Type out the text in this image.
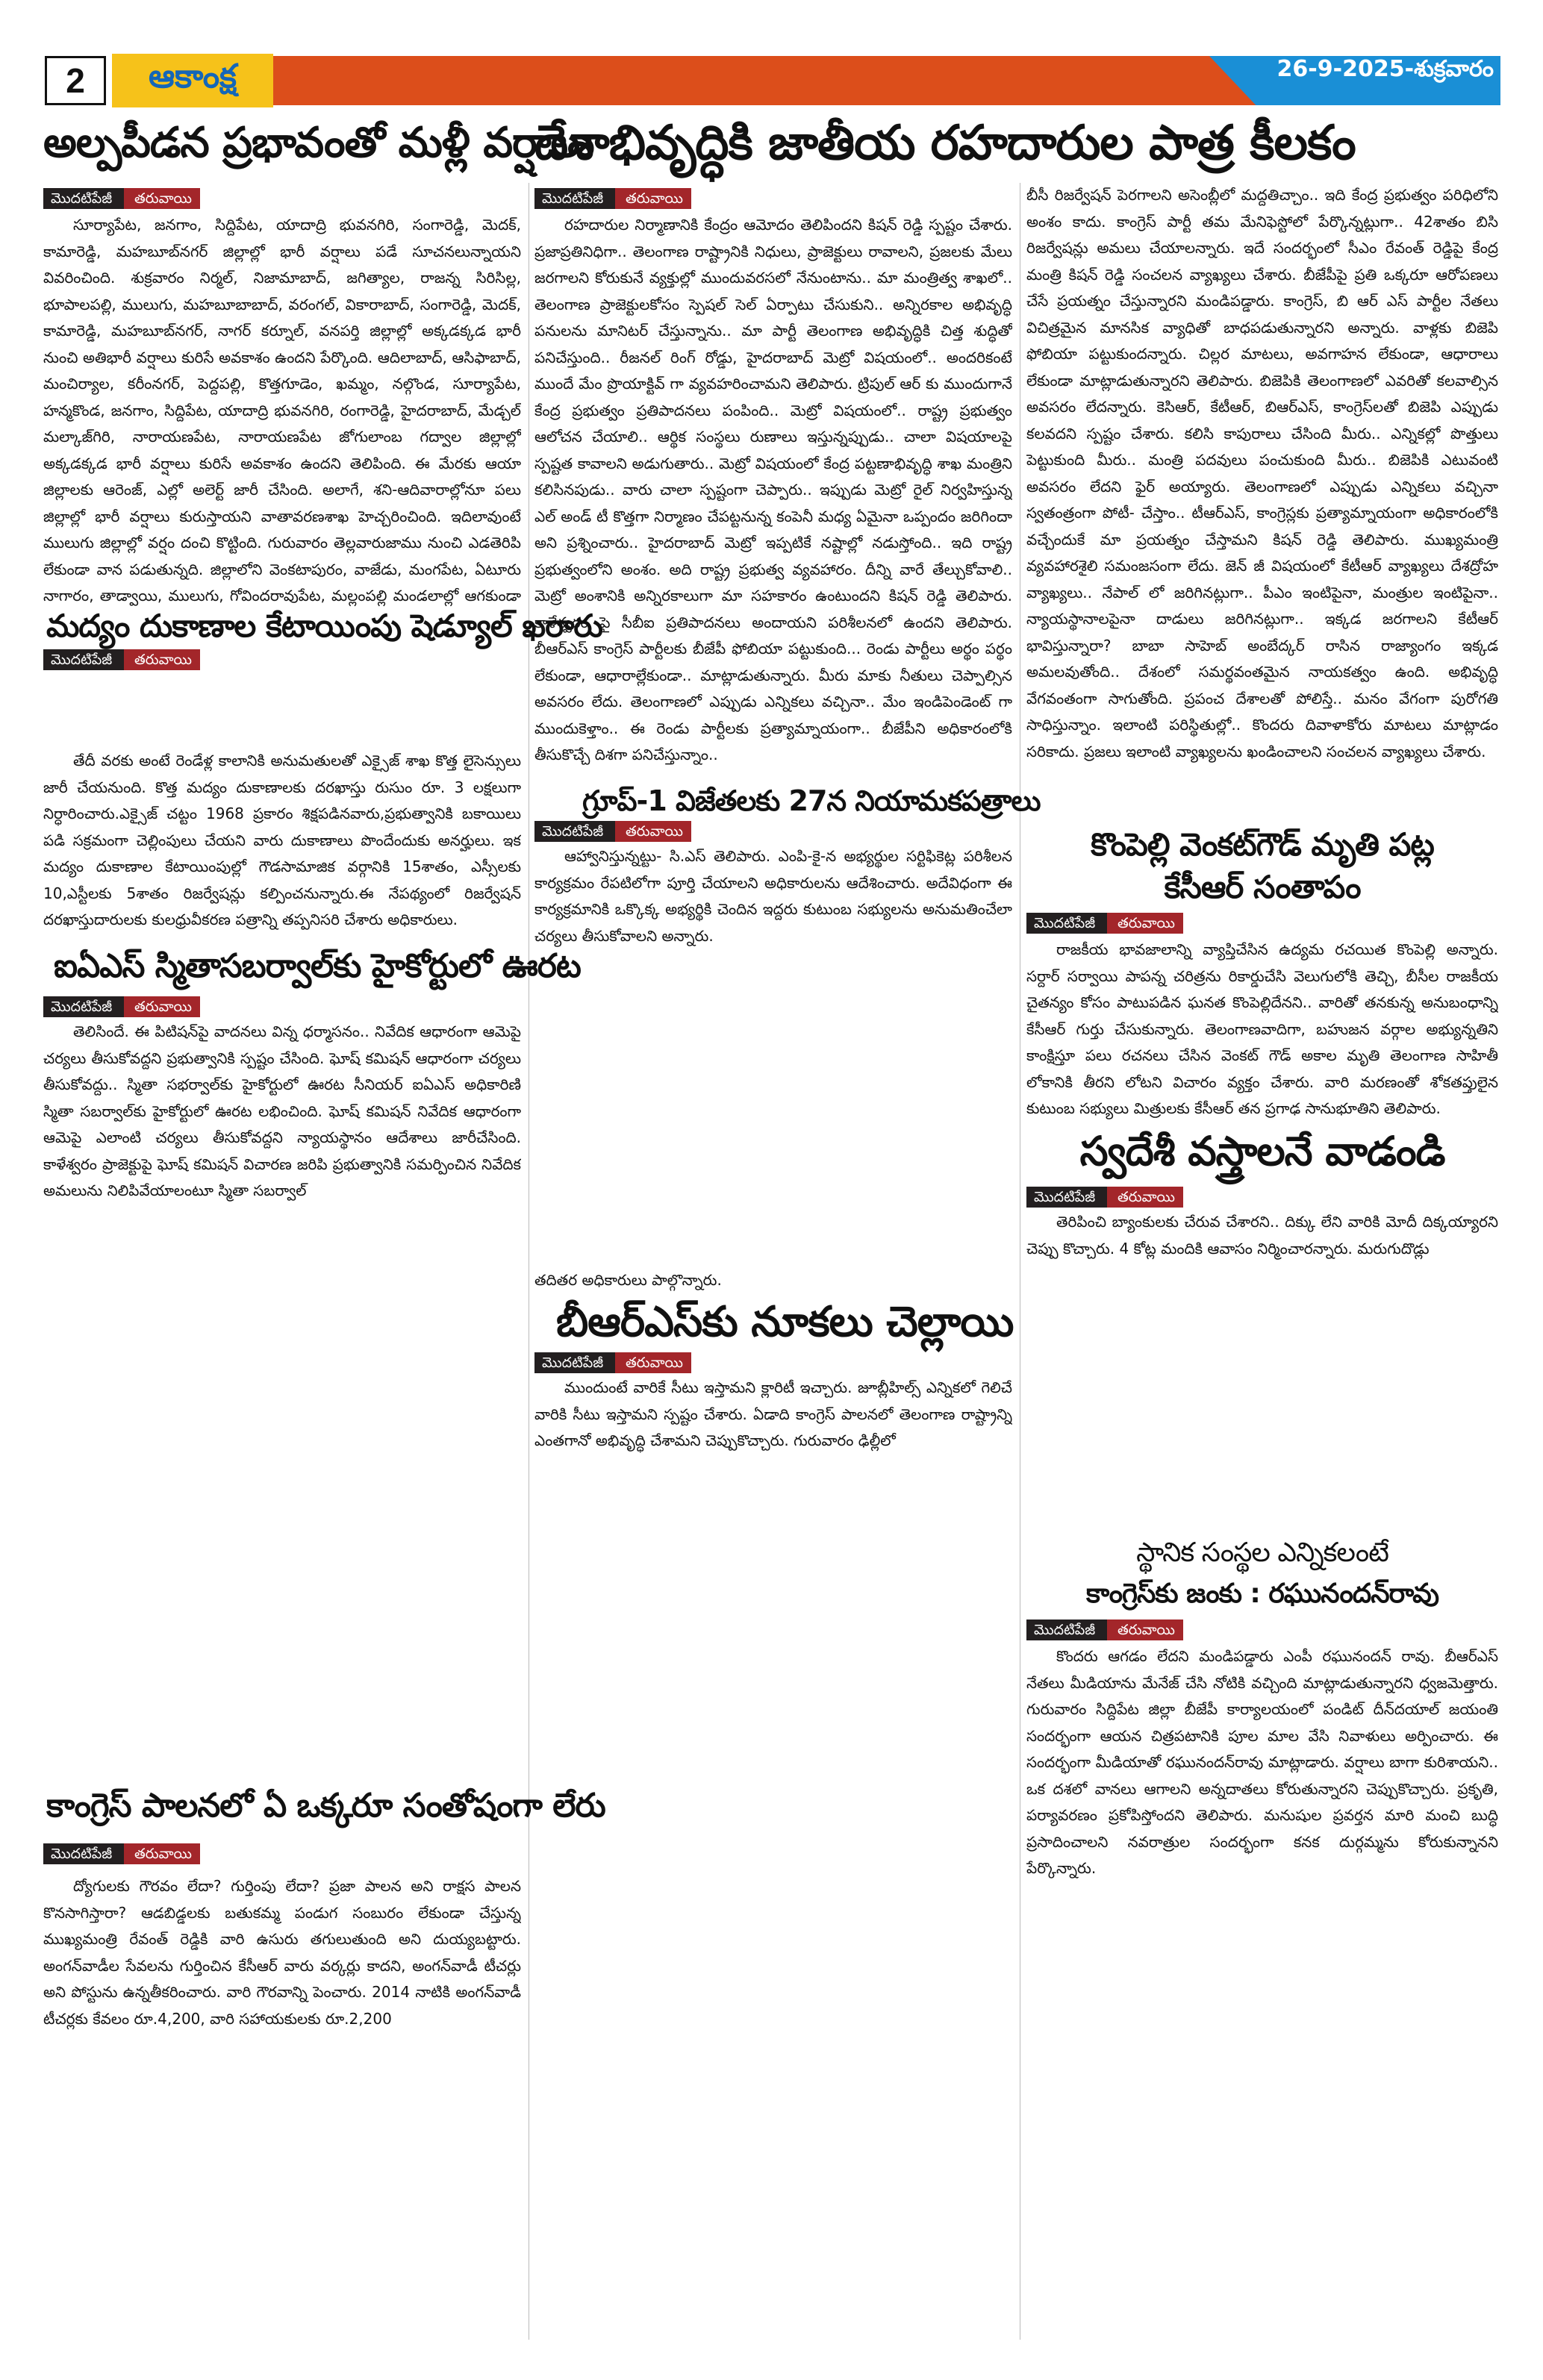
2	ఆకాంక్ష	26-9-2025-శుక్రవారం
అల్పపీడన ప్రభావంతో మళ్లీ వర్షాలు
మొదటిపేజీ	తరువాయి
సూర్యాపేట, జనగాం, సిద్దిపేట, యాదాద్రి భువనగిరి, సంగారెడ్డి, మెదక్, కామారెడ్డి, మహబూబ్‌నగర్ జిల్లాల్లో భారీ వర్షాలు పడే సూచనలున్నాయని వివరించింది. శుక్రవారం నిర్మల్, నిజామాబాద్, జగిత్యాల, రాజన్న సిరిసిల్ల, భూపాలపల్లి, ములుగు, మహబూబాబాద్, వరంగల్, వికారాబాద్, సంగారెడ్డి, మెదక్, కామారెడ్డి, మహబూబ్‌నగర్, నాగర్ కర్నూల్, వనపర్తి జిల్లాల్లో అక్కడక్కడ భారీ నుంచి అతిభారీ వర్షాలు కురిసే అవకాశం ఉందని పేర్కొంది. ఆదిలాబాద్, ఆసిఫాబాద్, మంచిర్యాల, కరీంనగర్, పెద్దపల్లి, కొత్తగూడెం, ఖమ్మం, నల్గొండ, సూర్యాపేట, హన్మకొండ, జనగాం, సిద్దిపేట, యాదాద్రి భువనగిరి, రంగారెడ్డి, హైదరాబాద్, మేడ్చల్ మల్కాజ్‌గిరి, నారాయణపేట, నారాయణపేట జోగులాంబ గద్వాల జిల్లాల్లో అక్కడక్కడ భారీ వర్షాలు కురిసే అవకాశం ఉందని తెలిపింది. ఈ మేరకు ఆయా జిల్లాలకు ఆరెంజ్, ఎల్లో అలెర్ట్ జారీ చేసింది. అలాగే, శని-ఆదివారాల్లోనూ పలు జిల్లాల్లో భారీ వర్షాలు కురుస్తాయని వాతావరణశాఖ హెచ్చరించింది. ఇదిలావుంటే ములుగు జిల్లాల్లో వర్షం దంచి కొట్టింది. గురువారం తెల్లవారుజాము నుంచి ఎడతెరిపి లేకుండా వాన పడుతున్నది. జిల్లాలోని వెంకటాపురం, వాజేడు, మంగపేట, ఏటూరు నాగారం, తాడ్వాయి, ములుగు, గోవిందరావుపేట, మల్లంపల్లి మండలాల్లో ఆగకుండా
మద్యం దుకాణాల కేటాయింపు షెడ్యూల్ ఖరారు
మొదటిపేజీ	తరువాయి
తేదీ వరకు అంటే రెండేళ్ల కాలానికి అనుమతులతో ఎక్సైజ్ శాఖ కొత్త లైసెన్సులు జారీ చేయనుంది. కొత్త మద్యం దుకాణాలకు దరఖాస్తు రుసుం రూ. 3 లక్షలుగా నిర్ధారించారు.ఎక్సైజ్ చట్టం 1968 ప్రకారం శిక్షపడినవారు,ప్రభుత్వానికి బకాయిలు పడి సక్రమంగా చెల్లింపులు చేయని వారు దుకాణాలు పొందేందుకు అనర్హులు. ఇక మద్యం దుకాణాల కేటాయింపుల్లో గౌడసామాజిక వర్గానికి 15శాతం, ఎస్సీలకు 10,ఎస్టీలకు 5శాతం రిజర్వేషన్లు కల్పించనున్నారు.ఈ నేపథ్యంలో రిజర్వేషన్ దరఖాస్తుదారులకు కులధ్రువీకరణ పత్రాన్ని తప్పనిసరి చేశారు అధికారులు.
ఐఏఎస్ స్మితాసబర్వాల్‌కు హైకోర్టులో ఊరట
మొదటిపేజీ	తరువాయి
తెలిసిందే. ఈ పిటిషన్‌పై వాదనలు విన్న ధర్మాసనం.. నివేదిక ఆధారంగా ఆమెపై చర్యలు తీసుకోవద్దని ప్రభుత్వానికి స్పష్టం చేసింది. ఘోష్ కమిషన్ ఆధారంగా చర్యలు తీసుకోవద్దు.. స్మితా సభర్వాల్‌కు హైకోర్టులో ఊరట సీనియర్ ఐఏఎస్ అధికారిణి స్మితా సబర్వాల్‌కు హైకోర్టులో ఊరట లభించింది. ఘోష్ కమిషన్ నివేదిక ఆధారంగా ఆమెపై ఎలాంటి చర్యలు తీసుకోవద్దని న్యాయస్థానం ఆదేశాలు జారీచేసింది. కాళేశ్వరం ప్రాజెక్టుపై ఘోష్ కమిషన్ విచారణ జరిపి ప్రభుత్వానికి సమర్పించిన నివేదిక అమలును నిలిపివేయాలంటూ స్మితా సబర్వాల్
కాంగ్రెస్ పాలనలో ఏ ఒక్కరూ సంతోషంగా లేరు
మొదటిపేజీ	తరువాయి
ద్యోగులకు గౌరవం లేదా? గుర్తింపు లేదా? ప్రజా పాలన అని రాక్షస పాలన కొనసాగిస్తారా? ఆడబిడ్డలకు బతుకమ్మ పండుగ సంబురం లేకుండా చేస్తున్న ముఖ్యమంత్రి రేవంత్ రెడ్డికి వారి ఉసురు తగులుతుంది అని దుయ్యబట్టారు. అంగన్‌వాడీల సేవలను గుర్తించిన కేసీఆర్ వారు వర్కర్లు కాదని, అంగన్‌వాడీ టీచర్లు అని పోస్టును ఉన్నతీకరించారు. వారి గౌరవాన్ని పెంచారు. 2014 నాటికి అంగన్‌వాడీ టీచర్లకు కేవలం రూ.4,200, వారి సహాయకులకు రూ.2,200
దేశాభివృద్ధికి జాతీయ రహదారుల పాత్ర కీలకం
మొదటిపేజీ	తరువాయి
రహదారుల నిర్మాణానికి కేంద్రం ఆమోదం తెలిపిందని కిషన్ రెడ్డి స్పష్టం చేశారు. ప్రజాప్రతినిధిగా.. తెలంగాణ రాష్ట్రానికి నిధులు, ప్రాజెక్టులు రావాలని, ప్రజలకు మేలు జరగాలని కోరుకునే వ్యక్తుల్లో ముందువరసలో నేనుంటాను.. మా మంత్రిత్వ శాఖలో.. తెలంగాణ ప్రాజెక్టులకోసం స్పెషల్ సెల్ ఏర్పాటు చేసుకుని.. అన్నిరకాల అభివృద్ధి పనులను మానిటర్ చేస్తున్నాను.. మా పార్టీ తెలంగాణ అభివృద్ధికి చిత్త శుద్ధితో పనిచేస్తుంది.. రీజనల్ రింగ్ రోడ్డు, హైదరాబాద్ మెట్రో విషయంలో.. అందరికంటే ముందే మేం ప్రొయాక్టివ్ గా వ్యవహరించామని తెలిపారు. ట్రిపుల్ ఆర్ కు ముందుగానే కేంద్ర ప్రభుత్వం ప్రతిపాదనలు పంపింది.. మెట్రో విషయంలో.. రాష్ట్ర ప్రభుత్వం ఆలోచన చేయాలి.. ఆర్థిక సంస్థలు రుణాలు ఇస్తున్నప్పుడు.. చాలా విషయాలపై స్పష్టత కావాలని అడుగుతారు.. మెట్రో విషయంలో కేంద్ర పట్టణాభివృద్ధి శాఖ మంత్రిని కలిసినపుడు.. వారు చాలా స్పష్టంగా చెప్పారు.. ఇప్పుడు మెట్రో రైల్ నిర్వహిస్తున్న ఎల్ అండ్ టీ కొత్తగా నిర్మాణం చేపట్టనున్న కంపెనీ మధ్య ఏమైనా ఒప్పందం జరిగిందా అని ప్రశ్నించారు.. హైదరాబాద్ మెట్రో ఇప్పటికే నష్టాల్లో నడుస్తోంది.. ఇది రాష్ట్ర ప్రభుత్వంలోని అంశం. అది రాష్ట్ర ప్రభుత్వ వ్యవహారం. దీన్ని వారే తేల్చుకోవాలి.. మెట్రో అంశానికి అన్నిరకాలుగా మా సహకారం ఉంటుందని కిషన్ రెడ్డి తెలిపారు. కాళేశ్వరం పై సీబీఐ ప్రతిపాదనలు అందాయని పరిశీలనలో ఉందని తెలిపారు. బీఆర్ఎస్ కాంగ్రెస్ పార్టీలకు బీజేపీ ఫోబియా పట్టుకుంది... రెండు పార్టీలు అర్థం పర్థం లేకుండా, ఆధారాల్లేకుండా.. మాట్లాడుతున్నారు. మీరు మాకు నీతులు చెప్పాల్సిన అవసరం లేదు. తెలంగాణలో ఎప్పుడు ఎన్నికలు వచ్చినా.. మేం ఇండిపెండెంట్ గా ముందుకెళ్తాం.. ఈ రెండు పార్టీలకు ప్రత్యామ్నాయంగా.. బీజేపీని అధికారంలోకి తీసుకొచ్చే దిశగా పనిచేస్తున్నాం..
గ్రూప్-1 విజేతలకు 27న నియామకపత్రాలు
మొదటిపేజీ	తరువాయి
ఆహ్వానిస్తున్నట్టు- సి.ఎస్ తెలిపారు. ఎంపి-కై-న అభ్యర్థుల సర్టిఫికెట్ల పరిశీలన కార్యక్రమం రేపటిలోగా పూర్తి చేయాలని అధికారులను ఆదేశించారు. అదేవిధంగా ఈ కార్యక్రమానికి ఒక్కొక్క అభ్యర్థికి చెందిన ఇద్దరు కుటుంబ సభ్యులను అనుమతించేలా చర్యలు తీసుకోవాలని అన్నారు.
తదితర అధికారులు పాల్గొన్నారు.
బీఆర్ఎస్‌కు నూకలు చెల్లాయి
మొదటిపేజీ	తరువాయి
ముందుంటే వారికే సీటు ఇస్తామని క్లారిటీ ఇచ్చారు. జూబ్లీహిల్స్ ఎన్నికలో గెలిచే వారికి సీటు ఇస్తామని స్పష్టం చేశారు. ఏడాది కాంగ్రెస్ పాలనలో తెలంగాణ రాష్ట్రాన్ని ఎంతగానో అభివృద్ధి చేశామని చెప్పుకొచ్చారు. గురువారం ఢిల్లీలో
బీసీ రిజర్వేషన్ పెరగాలని అసెంబ్లీలో మద్దతిచ్చాం.. ఇది కేంద్ర ప్రభుత్వం పరిధిలోని అంశం కాదు. కాంగ్రెస్ పార్టీ తమ మేనిఫెస్టోలో పేర్కొన్నట్లుగా.. 42శాతం బిసి రిజర్వేషన్లు అమలు చేయాలన్నారు. ఇదే సందర్భంలో సీఎం రేవంత్ రెడ్డిపై కేంద్ర మంత్రి కిషన్ రెడ్డి సంచలన వ్యాఖ్యలు చేశారు. బీజేపీపై ప్రతి ఒక్కరూ ఆరోపణలు చేసే ప్రయత్నం చేస్తున్నారని మండిపడ్డారు. కాంగ్రెస్, బి ఆర్ ఎస్ పార్టీల నేతలు విచిత్రమైన మానసిక వ్యాధితో బాధపడుతున్నారని అన్నారు. వాళ్లకు బిజెపి ఫోబియా పట్టుకుందన్నారు. చిల్లర మాటలు, అవగాహన లేకుండా, ఆధారాలు లేకుండా మాట్లాడుతున్నారని తెలిపారు. బిజెపికి తెలంగాణలో ఎవరితో కలవాల్సిన అవసరం లేదన్నారు. కెసిఆర్, కేటీఆర్, బిఆర్ఎస్, కాంగ్రెస్‌లతో బిజెపి ఎప్పుడు కలవదని స్పష్టం చేశారు. కలిసి కాపురాలు చేసింది మీరు.. ఎన్నికల్లో పొత్తులు పెట్టుకుంది మీరు.. మంత్రి పదవులు పంచుకుంది మీరు.. బిజెపికి ఎటువంటి అవసరం లేదని ఫైర్ అయ్యారు. తెలంగాణలో ఎప్పుడు ఎన్నికలు వచ్చినా స్వతంత్రంగా పోటీ- చేస్తాం.. టీఆర్ఎస్, కాంగ్రెస్లకు ప్రత్యామ్నాయంగా అధికారంలోకి వచ్చేందుకే మా ప్రయత్నం చేస్తామని కిషన్ రెడ్డి తెలిపారు. ముఖ్యమంత్రి వ్యవహారశైలి సమంజసంగా లేదు. జెన్ జీ విషయంలో కేటీఆర్ వ్యాఖ్యలు దేశద్రోహ వ్యాఖ్యలు.. నేపాల్ లో జరిగినట్లుగా.. పీఎం ఇంటిపైనా, మంత్రుల ఇంటిపైనా.. న్యాయస్థానాలపైనా దాడులు జరిగినట్లుగా.. ఇక్కడ జరగాలని కేటీఆర్ భావిస్తున్నారా? బాబా సాహెబ్ అంబేద్కర్ రాసిన రాజ్యాంగం ఇక్కడ అమలవుతోంది.. దేశంలో సమర్థవంతమైన నాయకత్వం ఉంది. అభివృద్ధి వేగవంతంగా సాగుతోంది. ప్రపంచ దేశాలతో పోలిస్తే.. మనం వేగంగా పురోగతి సాధిస్తున్నాం. ఇలాంటి పరిస్థితుల్లో.. కొందరు దివాళాకోరు మాటలు మాట్లాడం సరికాదు. ప్రజలు ఇలాంటి వ్యాఖ్యలను ఖండించాలని సంచలన వ్యాఖ్యలు చేశారు.
కొంపెల్లి వెంకట్‌గౌడ్ మృతి పట్ల
కేసీఆర్ సంతాపం
మొదటిపేజీ	తరువాయి
రాజకీయ భావజాలాన్ని వ్యాప్తిచేసిన ఉద్యమ రచయిత కొంపెల్లి అన్నారు. సర్దార్ సర్వాయి పాపన్న చరిత్రను రికార్డుచేసి వెలుగులోకి తెచ్చి, బీసీల రాజకీయ చైతన్యం కోసం పాటుపడిన ఘనత కొంపెల్లిదేనని.. వారితో తనకున్న అనుబంధాన్ని కేసీఆర్ గుర్తు చేసుకున్నారు. తెలంగాణవాదిగా, బహుజన వర్గాల అభ్యున్నతిని కాంక్షిస్తూ పలు రచనలు చేసిన వెంకట్ గౌడ్ అకాల మృతి తెలంగాణ సాహితీ లోకానికి తీరని లోటని విచారం వ్యక్తం చేశారు. వారి మరణంతో శోకతప్తులైన కుటుంబ సభ్యులు మిత్రులకు కేసీఆర్ తన ప్రగాఢ సానుభూతిని తెలిపారు.
స్వదేశీ వస్త్రాలనే వాడండి
మొదటిపేజీ	తరువాయి
తెరిపించి బ్యాంకులకు చేరువ చేశారని.. దిక్కు లేని వారికి మోదీ దిక్కయ్యారని చెప్పు కొచ్చారు. 4 కోట్ల మందికి ఆవాసం నిర్మించారన్నారు. మరుగుదొడ్లు
స్థానిక సంస్థల ఎన్నికలంటే
కాంగ్రెస్‌కు జంకు : రఘునందన్‌రావు
మొదటిపేజీ	తరువాయి
కొందరు ఆగడం లేదని మండిపడ్డారు ఎంపీ రఘునందన్ రావు. బీఆర్ఎస్ నేతలు మీడియాను మేనేజ్ చేసి నోటికి వచ్చింది మాట్లాడుతున్నారని ధ్వజమెత్తారు. గురువారం సిద్దిపేట జిల్లా బీజేపీ కార్యాలయంలో పండిట్ దీన్‌దయాల్ జయంతి సందర్భంగా ఆయన చిత్రపటానికి పూల మాల వేసి నివాళులు అర్పించారు. ఈ సందర్భంగా మీడియాతో రఘునందన్‌రావు మాట్లాడారు. వర్షాలు బాగా కురిశాయని.. ఒక దశలో వానలు ఆగాలని అన్నదాతలు కోరుతున్నారని చెప్పుకొచ్చారు. ప్రకృతి, పర్యావరణం ప్రకోపిస్తోందని తెలిపారు. మనుషుల ప్రవర్తన మారి మంచి బుద్ధి ప్రసాదించాలని నవరాత్రుల సందర్భంగా కనక దుర్గమ్మను కోరుకున్నానని పేర్కొన్నారు.
